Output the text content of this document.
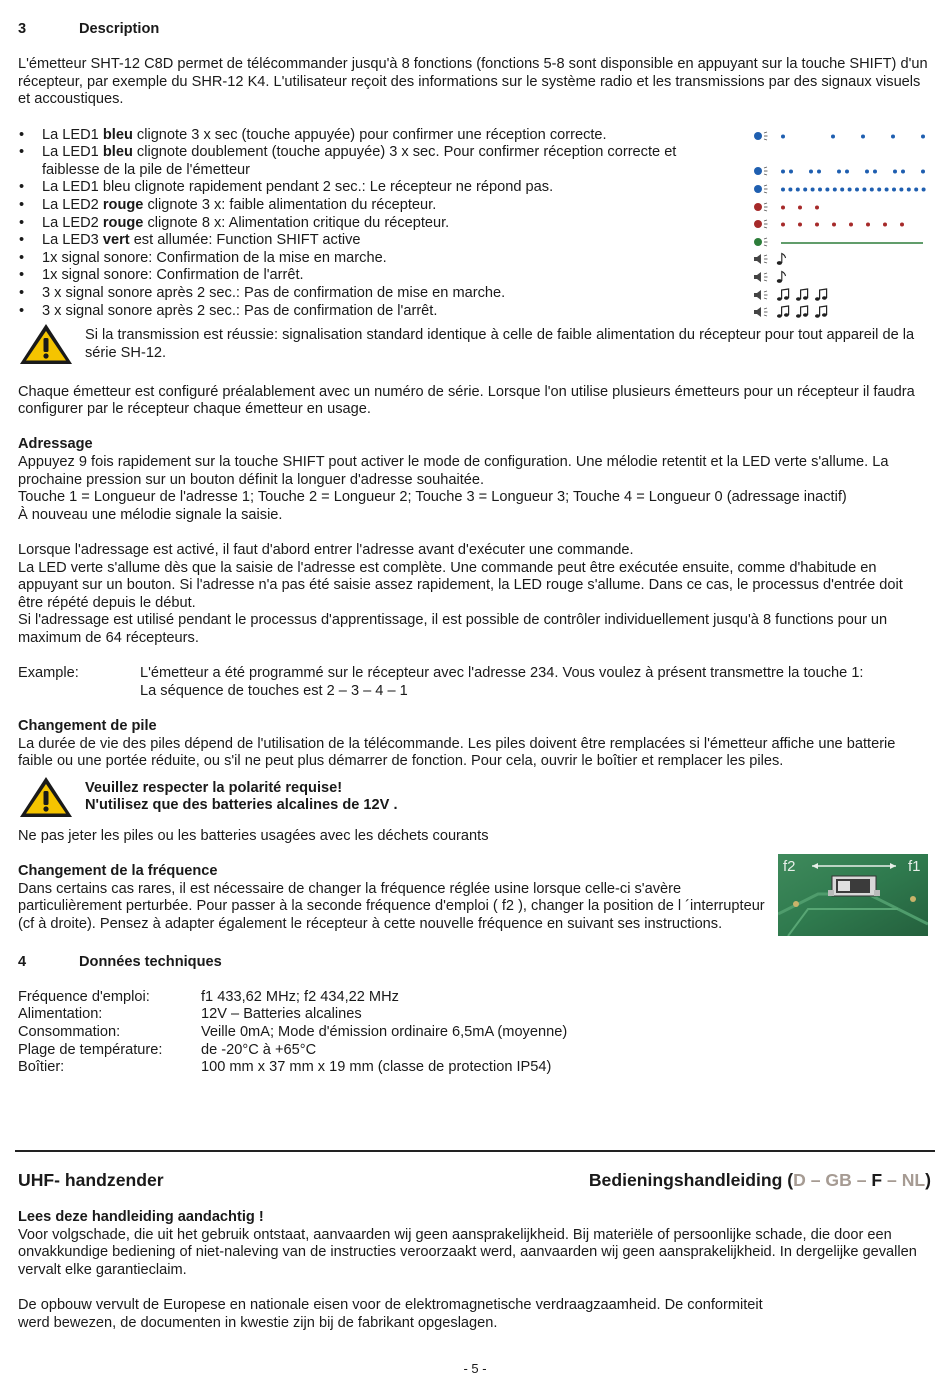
3	Description

L'émetteur SHT-12 C8D permet de télécommander jusqu'à 8 fonctions (fonctions 5-8 sont disponsible en appuyant sur la touche SHIFT) d'un récepteur, par exemple du SHR-12 K4. L'utilisateur reçoit des informations sur le système radio et les transmissions par des signaux visuels et accoustiques.

• La LED1 bleu clignote 3 x sec (touche appuyée) pour confirmer une réception correcte.
• La LED1 bleu clignote doublement (touche appuyée) 3 x sec. Pour confirmer réception correcte et faiblesse de la pile de l'émetteur
• La LED1 bleu clignote rapidement pendant 2 sec.: Le récepteur ne répond pas.
• La LED2 rouge clignote 3 x: faible alimentation du récepteur.
• La LED2 rouge clignote 8 x: Alimentation critique du récepteur.
• La LED3 vert est allumée: Function SHIFT active
• 1x signal sonore: Confirmation de la mise en marche.
• 1x signal sonore: Confirmation de l'arrêt.
• 3 x signal sonore après 2 sec.: Pas de confirmation de mise en marche.
• 3 x signal sonore après 2 sec.: Pas de confirmation de l'arrêt.

Si la transmission est réussie: signalisation standard identique à celle de faible alimentation du récepteur pour tout appareil de la série SH-12.

Chaque émetteur est configuré préalablement avec un numéro de série. Lorsque l'on utilise plusieurs émetteurs pour un récepteur il faudra configurer par le récepteur chaque émetteur en usage.

Adressage

Appuyez 9 fois rapidement sur la touche SHIFT pout activer le mode de configuration. Une mélodie retentit et la LED verte s'allume. La prochaine pression sur un bouton définit la longuer d'adresse souhaitée.

Touche 1 = Longueur de l'adresse 1; Touche 2 = Longueur 2; Touche 3 = Longueur 3; Touche 4 = Longueur 0 (adressage inactif)

À nouveau une mélodie signale la saisie.

Lorsque l'adressage est activé, il faut d'abord entrer l'adresse avant d'exécuter une commande.

La LED verte s'allume dès que la saisie de l'adresse est complète. Une commande peut être exécutée ensuite, comme d'habitude en appuyant sur un bouton. Si l'adresse n'a pas été saisie assez rapidement, la LED rouge s'allume. Dans ce cas, le processus d'entrée doit être répété depuis le début.

Si l'adressage est utilisé pendant le processus d'apprentissage, il est possible de contrôler individuellement jusqu'à 8 functions pour un maximum de 64 récepteurs.

Example:	L'émetteur a été programmé sur le récepteur avec l'adresse 234. Vous voulez à présent transmettre la touche 1:

La séquence de touches est 2 – 3 – 4 – 1

Changement de pile

La durée de vie des piles dépend de l'utilisation de la télécommande. Les piles doivent être remplacées si l'émetteur affiche une batterie faible ou une portée réduite, ou s'il ne peut plus démarrer de fonction. Pour cela, ouvrir le boîtier et remplacer les piles.

Veuillez respecter la polarité requise!

N'utilisez que des batteries alcalines de 12V .

Ne pas jeter les piles ou les batteries usagées avec les déchets courants

Changement de la fréquence

Dans certains cas rares, il est nécessaire de changer la fréquence réglée usine lorsque celle-ci s'avère particulièrement perturbée. Pour passer à la seconde fréquence d'emploi ( f2 ), changer la position de l ´interrupteur (cf à droite). Pensez à adapter également le récepteur à cette nouvelle fréquence en suivant ses instructions.

f2	f1
4	Données techniques
Fréquence d'emploi:	f1 433,62 MHz; f2 434,22 MHz
Alimentation:	12V – Batteries alcalines
Consommation:	Veille 0mA; Mode d'émission ordinaire 6,5mA (moyenne)
Plage de température:	de -20°C à +65°C
Boîtier:	100 mm x 37 mm x 19 mm (classe de protection IP54)
UHF- handzender	Bedieningshandleiding (D – GB – F – NL)

Lees deze handleiding aandachtig !

Voor volgschade, die uit het gebruik ontstaat, aanvaarden wij geen aansprakelijkheid. Bij materiële of persoonlijke schade, die door een onvakkundige bediening of niet-naleving van de instructies veroorzaakt werd, aanvaarden wij geen aansprakelijkheid. In dergelijke gevallen vervalt elke garantieclaim.

De opbouw vervult de Europese en nationale eisen voor de elektromagnetische verdraagzaamheid. De conformiteit

werd bewezen, de documenten in kwestie zijn bij de fabrikant opgeslagen.

- 5 -
